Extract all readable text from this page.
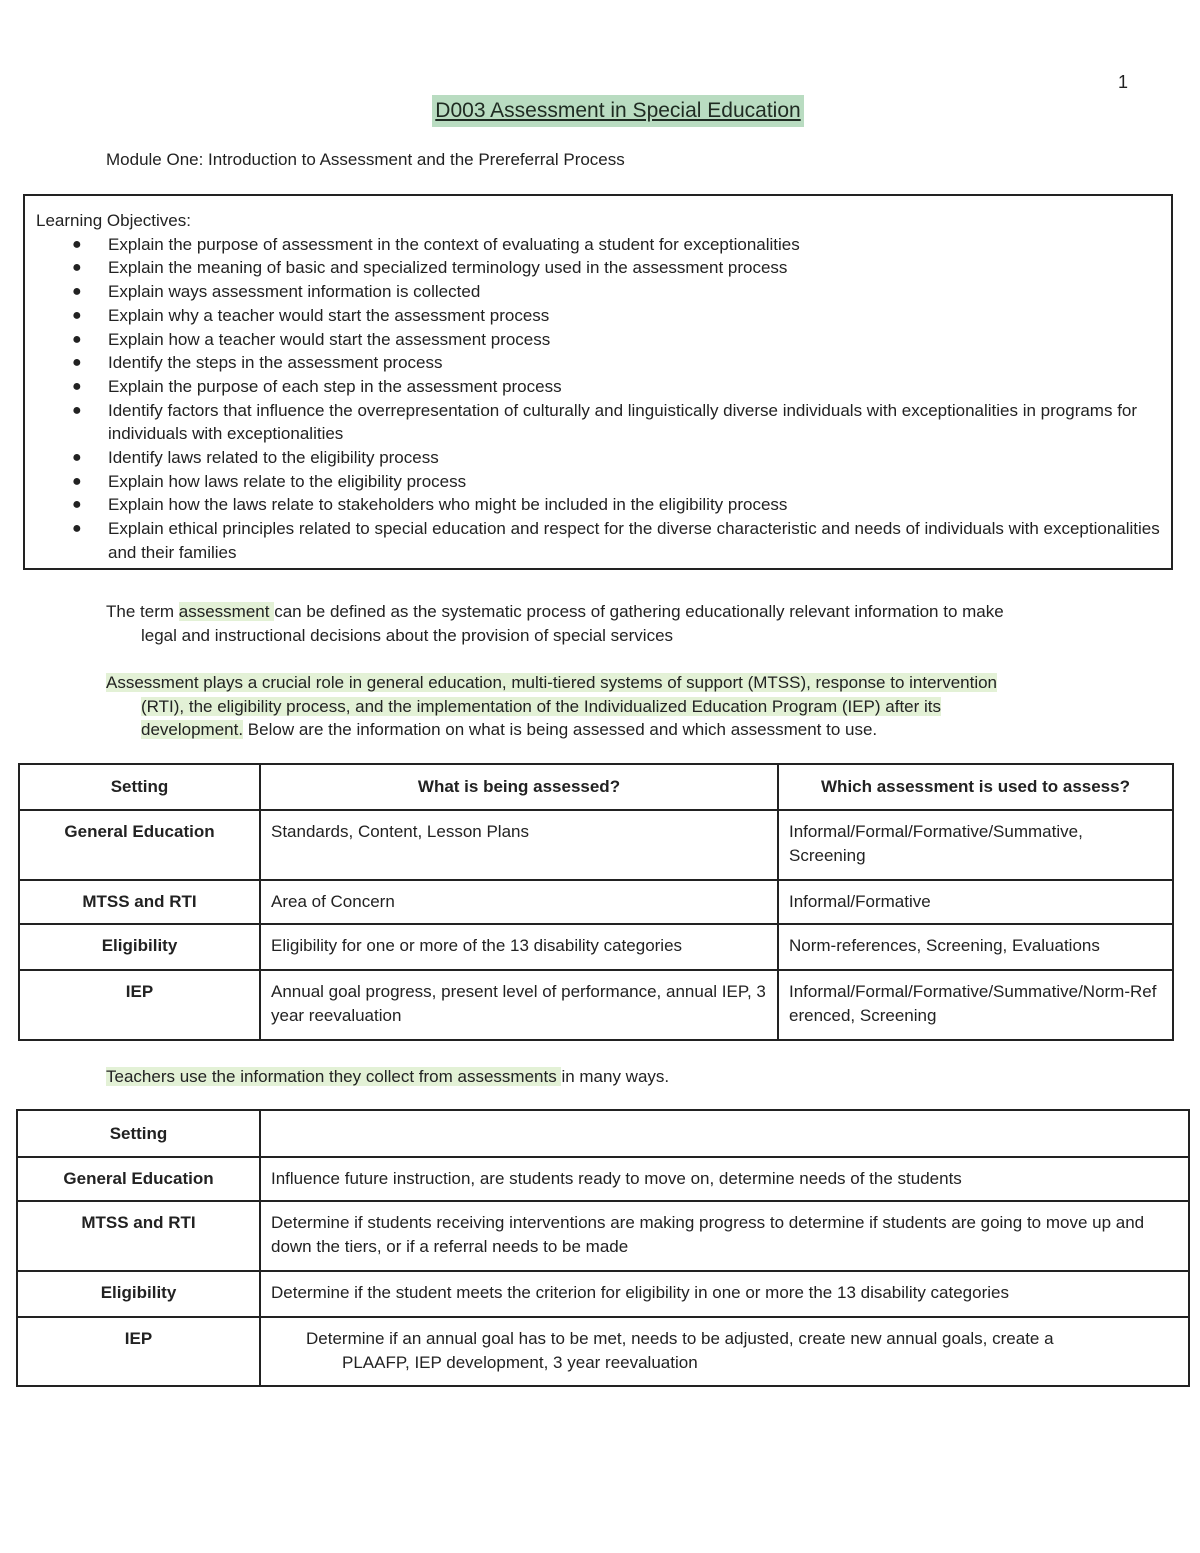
1
D003 Assessment in Special Education
Module One: Introduction to Assessment and the Prereferral Process
Learning Objectives:
● Explain the purpose of assessment in the context of evaluating a student for exceptionalities
● Explain the meaning of basic and specialized terminology used in the assessment process
● Explain ways assessment information is collected
● Explain why a teacher would start the assessment process
● Explain how a teacher would start the assessment process
● Identify the steps in the assessment process
● Explain the purpose of each step in the assessment process
● Identify factors that influence the overrepresentation of culturally and linguistically diverse individuals with exceptionalities in programs for individuals with exceptionalities
● Identify laws related to the eligibility process
● Explain how laws relate to the eligibility process
● Explain how the laws relate to stakeholders who might be included in the eligibility process
● Explain ethical principles related to special education and respect for the diverse characteristic and needs of individuals with exceptionalities and their families
The term assessment can be defined as the systematic process of gathering educationally relevant information to make
legal and instructional decisions about the provision of special services
Assessment plays a crucial role in general education, multi-tiered systems of support (MTSS), response to intervention
(RTI), the eligibility process, and the implementation of the Individualized Education Program (IEP) after its
development. Below are the information on what is being assessed and which assessment to use.
Setting	What is being assessed?	Which assessment is used to assess?
General Education	Standards, Content, Lesson Plans	Informal/Formal/Formative/Summative, Screening
MTSS and RTI	Area of Concern	Informal/Formative
Eligibility	Eligibility for one or more of the 13 disability categories	Norm-references, Screening, Evaluations
IEP	Annual goal progress, present level of performance, annual IEP, 3 year reevaluation	Informal/Formal/Formative/Summative/Norm-Referenced, Screening
Teachers use the information they collect from assessments in many ways.
Setting	
General Education	Influence future instruction, are students ready to move on, determine needs of the students
MTSS and RTI	Determine if students receiving interventions are making progress to determine if students are going to move up and down the tiers, or if a referral needs to be made
Eligibility	Determine if the student meets the criterion for eligibility in one or more the 13 disability categories
IEP	Determine if an annual goal has to be met, needs to be adjusted, create new annual goals, create a
PLAAFP, IEP development, 3 year reevaluation
